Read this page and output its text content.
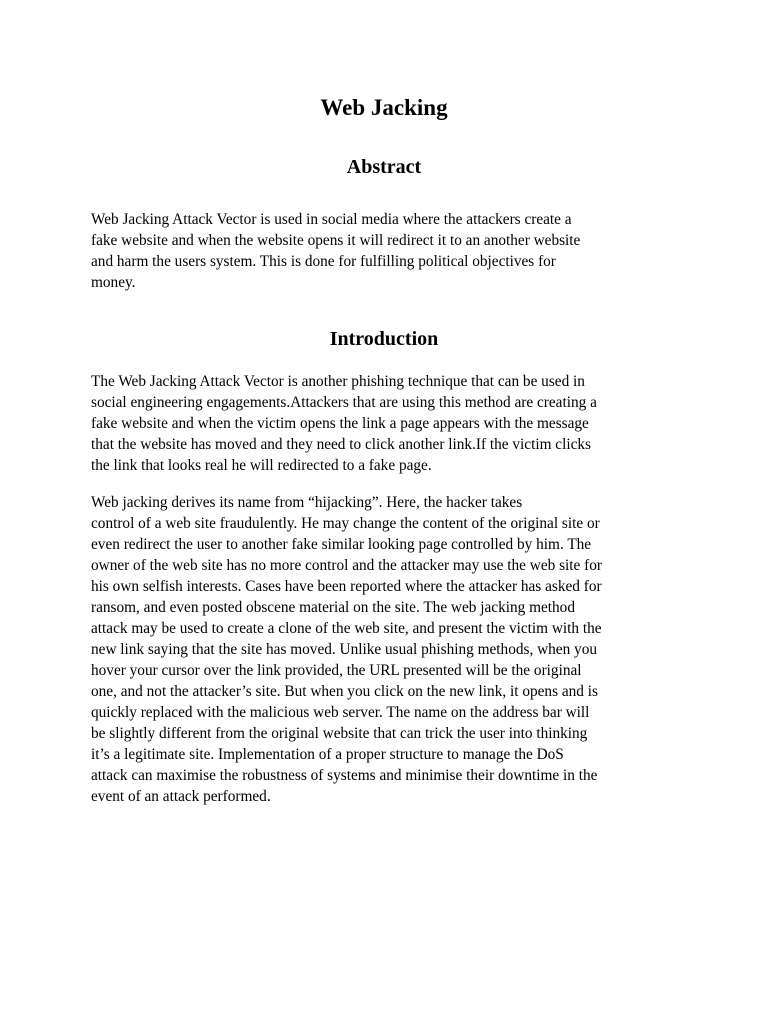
Web Jacking
Abstract

Web Jacking Attack Vector is used in social media where the attackers create a
fake website and when the website opens it will redirect it to an another website
and harm the users system. This is done for fulfilling political objectives for
money.

Introduction

The Web Jacking Attack Vector is another phishing technique that can be used in
social engineering engagements.Attackers that are using this method are creating a
fake website and when the victim opens the link a page appears with the message
that the website has moved and they need to click another link.If the victim clicks
the link that looks real he will redirected to a fake page.

Web jacking derives its name from “hijacking”. Here, the hacker takes
control of a web site fraudulently. He may change the content of the original site or
even redirect the user to another fake similar looking page controlled by him. The
owner of the web site has no more control and the attacker may use the web site for
his own selfish interests. Cases have been reported where the attacker has asked for
ransom, and even posted obscene material on the site. The web jacking method
attack may be used to create a clone of the web site, and present the victim with the
new link saying that the site has moved. Unlike usual phishing methods, when you
hover your cursor over the link provided, the URL presented will be the original
one, and not the attacker’s site. But when you click on the new link, it opens and is
quickly replaced with the malicious web server. The name on the address bar will
be slightly different from the original website that can trick the user into thinking
it’s a legitimate site. Implementation of a proper structure to manage the DoS
attack can maximise the robustness of systems and minimise their downtime in the
event of an attack performed.
